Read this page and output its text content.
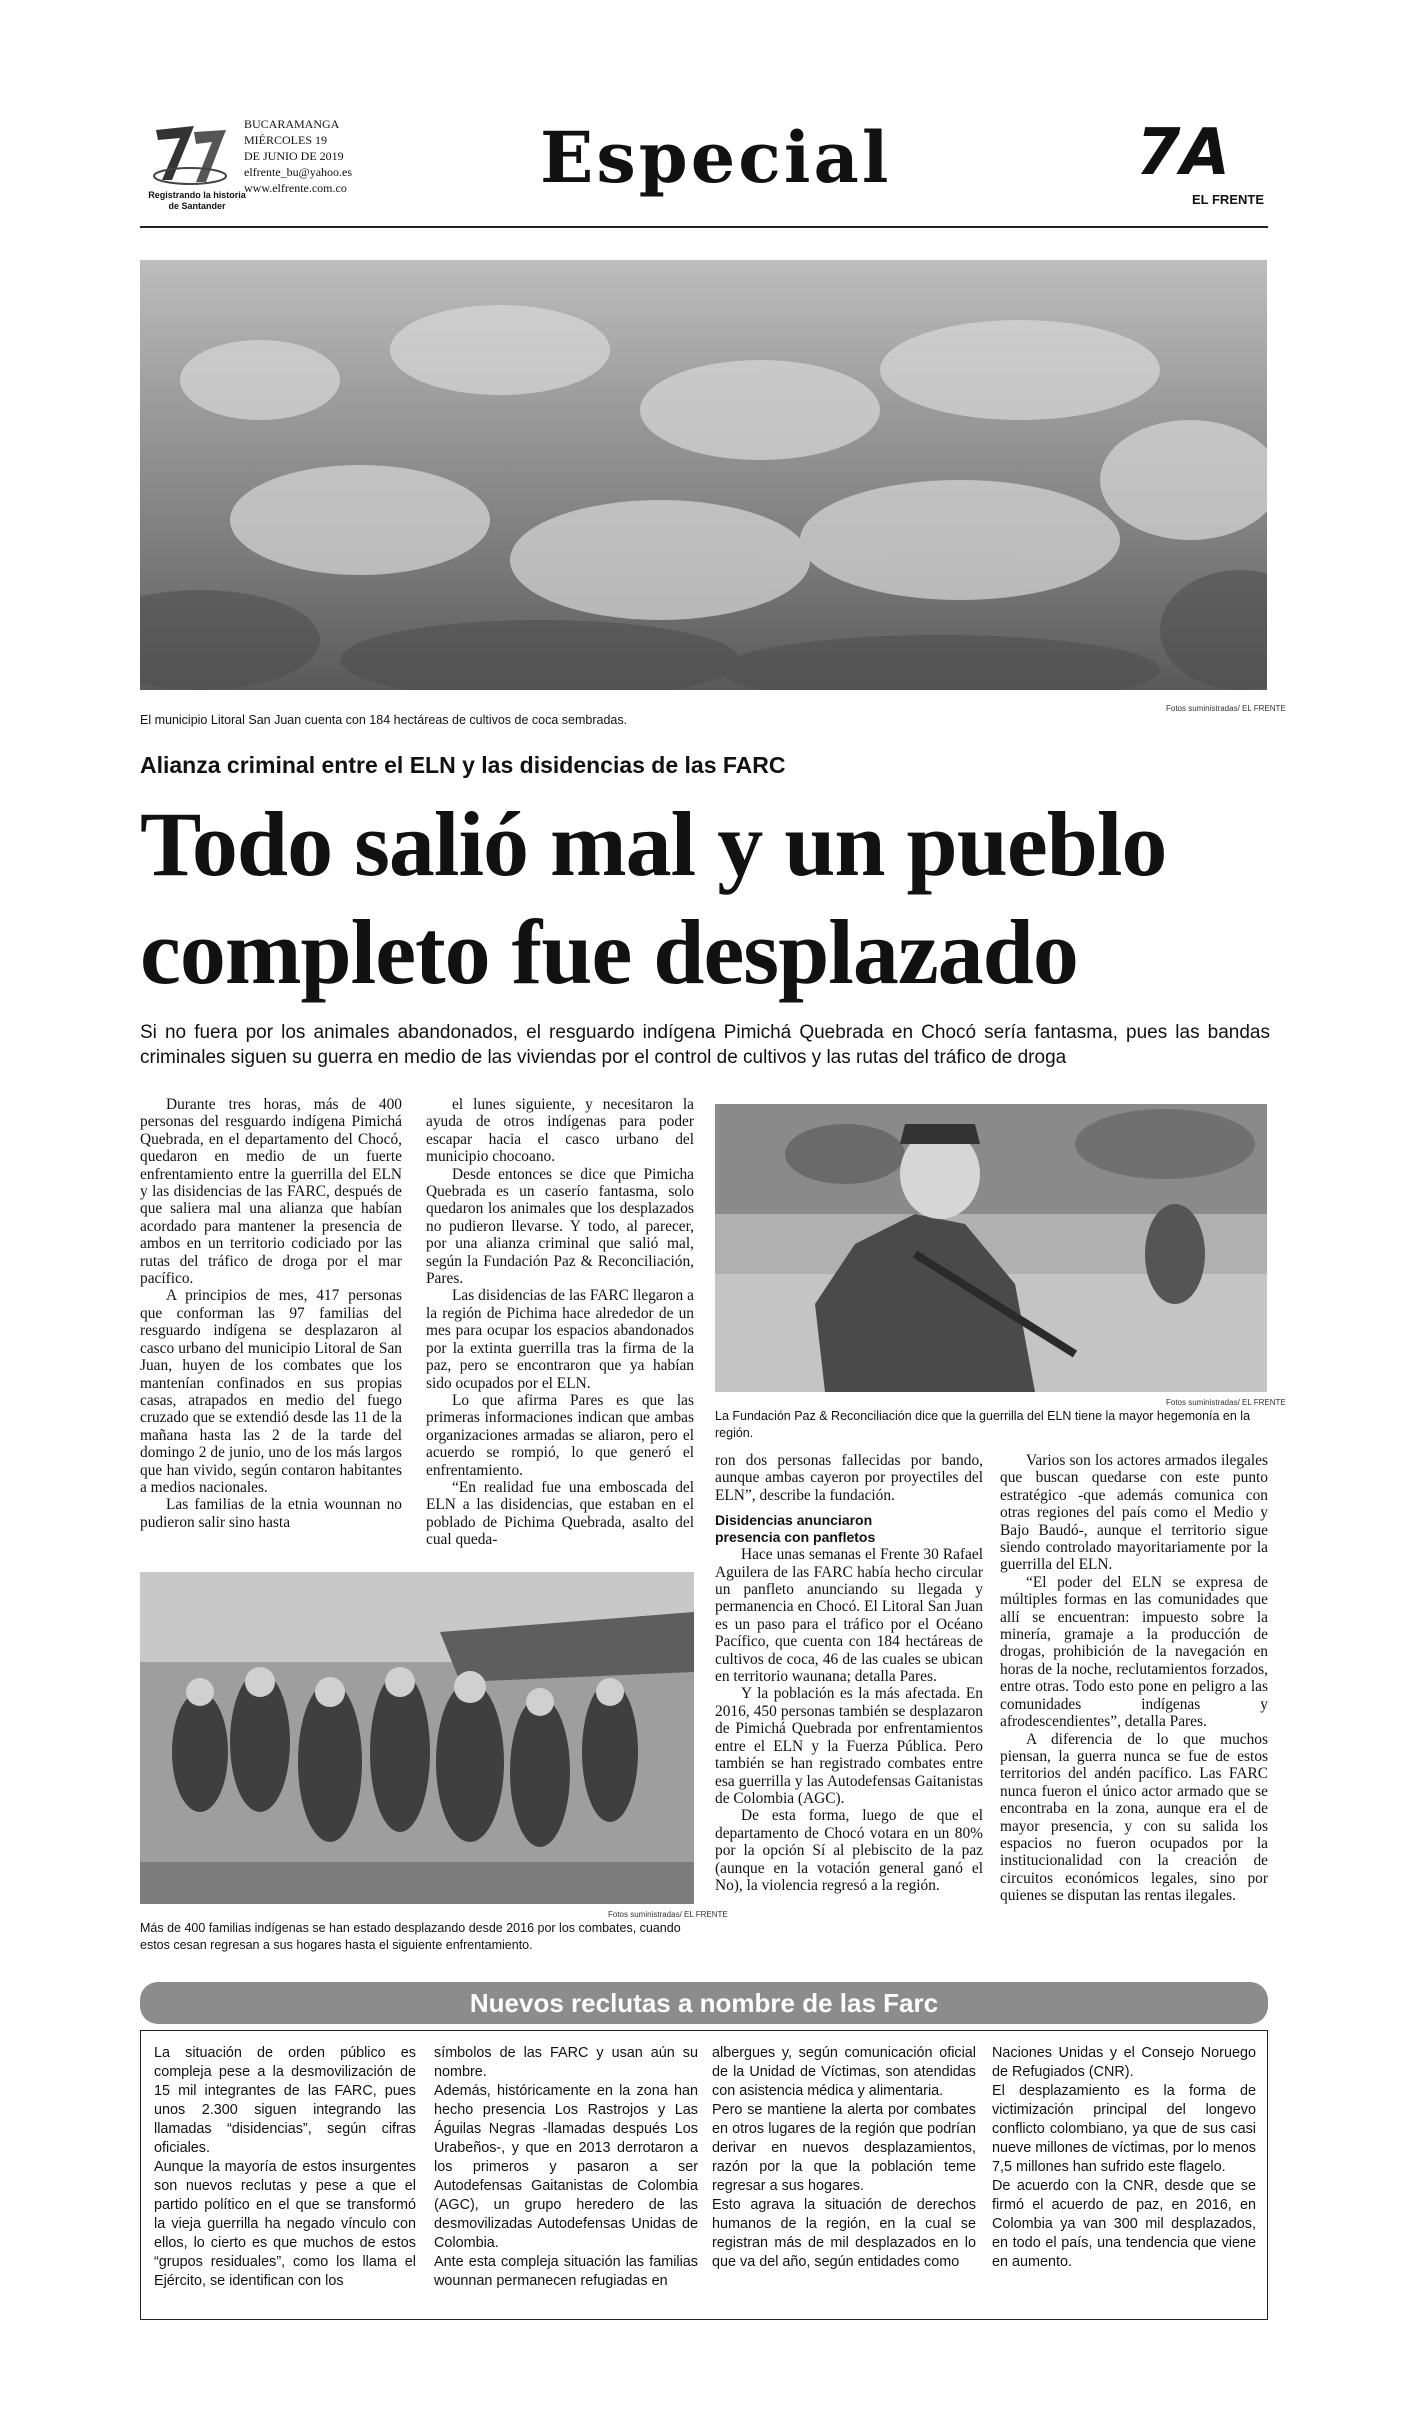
Registrando la historia de Santander
BUCARAMANGA
MIÉRCOLES 19
DE JUNIO DE 2019
elfrente_bu@yahoo.es
www.elfrente.com.co	Especial	7A
EL FRENTE
Fotos suministradas/ EL FRENTE
El municipio Litoral San Juan cuenta con 184 hectáreas de cultivos de coca sembradas.
Alianza criminal entre el ELN y las disidencias de las FARC
Todo salió mal y un pueblo
completo fue desplazado
Si no fuera por los animales abandonados, el resguardo indígena Pimichá Quebrada en Chocó sería fantasma, pues las bandas criminales siguen su guerra en medio de las viviendas por el control de cultivos y las rutas del tráfico de droga

Durante tres horas, más de 400 personas del resguardo indígena Pimichá Quebrada, en el departamento del Chocó, quedaron en medio de un fuerte enfrentamiento entre la guerrilla del ELN y las disidencias de las FARC, después de que saliera mal una alianza que habían acordado para mantener la presencia de ambos en un territorio codiciado por las rutas del tráfico de droga por el mar pacífico.

A principios de mes, 417 personas que conforman las 97 familias del resguardo indígena se desplazaron al casco urbano del municipio Litoral de San Juan, huyen de los combates que los mantenían confinados en sus propias casas, atrapados en medio del fuego cruzado que se extendió desde las 11 de la mañana hasta las 2 de la tarde del domingo 2 de junio, uno de los más largos que han vivido, según contaron habitantes a medios nacionales.

Las familias de la etnia wounnan no pudieron salir sino hasta

el lunes siguiente, y necesitaron la ayuda de otros indígenas para poder escapar hacia el casco urbano del municipio chocoano.

Desde entonces se dice que Pimicha Quebrada es un caserío fantasma, solo quedaron los animales que los desplazados no pudieron llevarse. Y todo, al parecer, por una alianza criminal que salió mal, según la Fundación Paz & Reconciliación, Pares.

Las disidencias de las FARC llegaron a la región de Pichima hace alrededor de un mes para ocupar los espacios abandonados por la extinta guerrilla tras la firma de la paz, pero se encontraron que ya habían sido ocupados por el ELN.

Lo que afirma Pares es que las primeras informaciones indican que ambas organizaciones armadas se aliaron, pero el acuerdo se rompió, lo que generó el enfrentamiento.

“En realidad fue una emboscada del ELN a las disidencias, que estaban en el poblado de Pichima Quebrada, asalto del cual queda-

Fotos suministradas/ EL FRENTE
La Fundación Paz & Reconciliación dice que la guerrilla del ELN tiene la mayor hegemonía en la región.
Fotos suministradas/ EL FRENTE
Más de 400 familias indígenas se han estado desplazando desde 2016 por los combates, cuando estos cesan regresan a sus hogares hasta el siguiente enfrentamiento.

ron dos personas fallecidas por bando, aunque ambas cayeron por proyectiles del ELN”, describe la fundación.

Disidencias anunciaron

presencia con panfletos

Hace unas semanas el Frente 30 Rafael Aguilera de las FARC había hecho circular un panfleto anunciando su llegada y permanencia en Chocó. El Litoral San Juan es un paso para el tráfico por el Océano Pacífico, que cuenta con 184 hectáreas de cultivos de coca, 46 de las cuales se ubican en territorio waunana; detalla Pares.

Y la población es la más afectada. En 2016, 450 personas también se desplazaron de Pimichá Quebrada por enfrentamientos entre el ELN y la Fuerza Pública. Pero también se han registrado combates entre esa guerrilla y las Autodefensas Gaitanistas de Colombia (AGC).

De esta forma, luego de que el departamento de Chocó votara en un 80% por la opción Sí al plebiscito de la paz (aunque en la votación general ganó el No), la violencia regresó a la región.

Varios son los actores armados ilegales que buscan quedarse con este punto estratégico -que además comunica con otras regiones del país como el Medio y Bajo Baudó-, aunque el territorio sigue siendo controlado mayoritariamente por la guerrilla del ELN.

“El poder del ELN se expresa de múltiples formas en las comunidades que allí se encuentran: impuesto sobre la minería, gramaje a la producción de drogas, prohibición de la navegación en horas de la noche, reclutamientos forzados, entre otras. Todo esto pone en peligro a las comunidades indígenas y afrodescendientes”, detalla Pares.

A diferencia de lo que muchos piensan, la guerra nunca se fue de estos territorios del andén pacífico. Las FARC nunca fueron el único actor armado que se encontraba en la zona, aunque era el de mayor presencia, y con su salida los espacios no fueron ocupados por la institucionalidad con la creación de circuitos económicos legales, sino por quienes se disputan las rentas ilegales.

Nuevos reclutas a nombre de las Farc

La situación de orden público es compleja pese a la desmovilización de 15 mil integrantes de las FARC, pues unos 2.300 siguen integrando las llamadas “disidencias”, según cifras oficiales.

Aunque la mayoría de estos insurgentes son nuevos reclutas y pese a que el partido político en el que se transformó la vieja guerrilla ha negado vínculo con ellos, lo cierto es que muchos de estos “grupos residuales”, como los llama el Ejército, se identifican con los

símbolos de las FARC y usan aún su nombre.

Además, históricamente en la zona han hecho presencia Los Rastrojos y Las Águilas Negras -llamadas después Los Urabeños-, y que en 2013 derrotaron a los primeros y pasaron a ser Autodefensas Gaitanistas de Colombia (AGC), un grupo heredero de las desmovilizadas Autodefensas Unidas de Colombia.

Ante esta compleja situación las familias wounnan permanecen refugiadas en

albergues y, según comunicación oficial de la Unidad de Víctimas, son atendidas con asistencia médica y alimentaria.

Pero se mantiene la alerta por combates en otros lugares de la región que podrían derivar en nuevos desplazamientos, razón por la que la población teme regresar a sus hogares.

Esto agrava la situación de derechos humanos de la región, en la cual se registran más de mil desplazados en lo que va del año, según entidades como

Naciones Unidas y el Consejo Noruego de Refugiados (CNR).

El desplazamiento es la forma de victimización principal del longevo conflicto colombiano, ya que de sus casi nueve millones de víctimas, por lo menos 7,5 millones han sufrido este flagelo.

De acuerdo con la CNR, desde que se firmó el acuerdo de paz, en 2016, en Colombia ya van 300 mil desplazados, en todo el país, una tendencia que viene en aumento.
